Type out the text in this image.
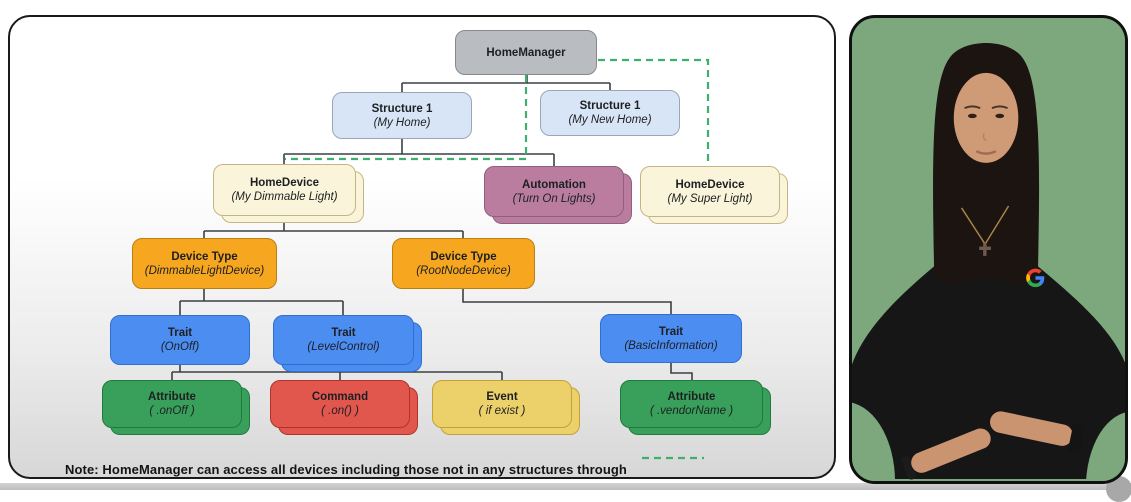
HomeManager
Structure 1
(My Home)
Structure 1
(My New Home)
HomeDevice
(My Dimmable Light)
Automation
(Turn On Lights)
HomeDevice
(My Super Light)
Device Type
(DimmableLightDevice)
Device Type
(RootNodeDevice)
Trait
(OnOff)
Trait
(LevelControl)
Trait
(BasicInformation)
Attribute
( .onOff )
Command
( .on() )
Event
( if exist )
Attribute
( .vendorName )
Note: HomeManager can access all devices including those not in any structures through
